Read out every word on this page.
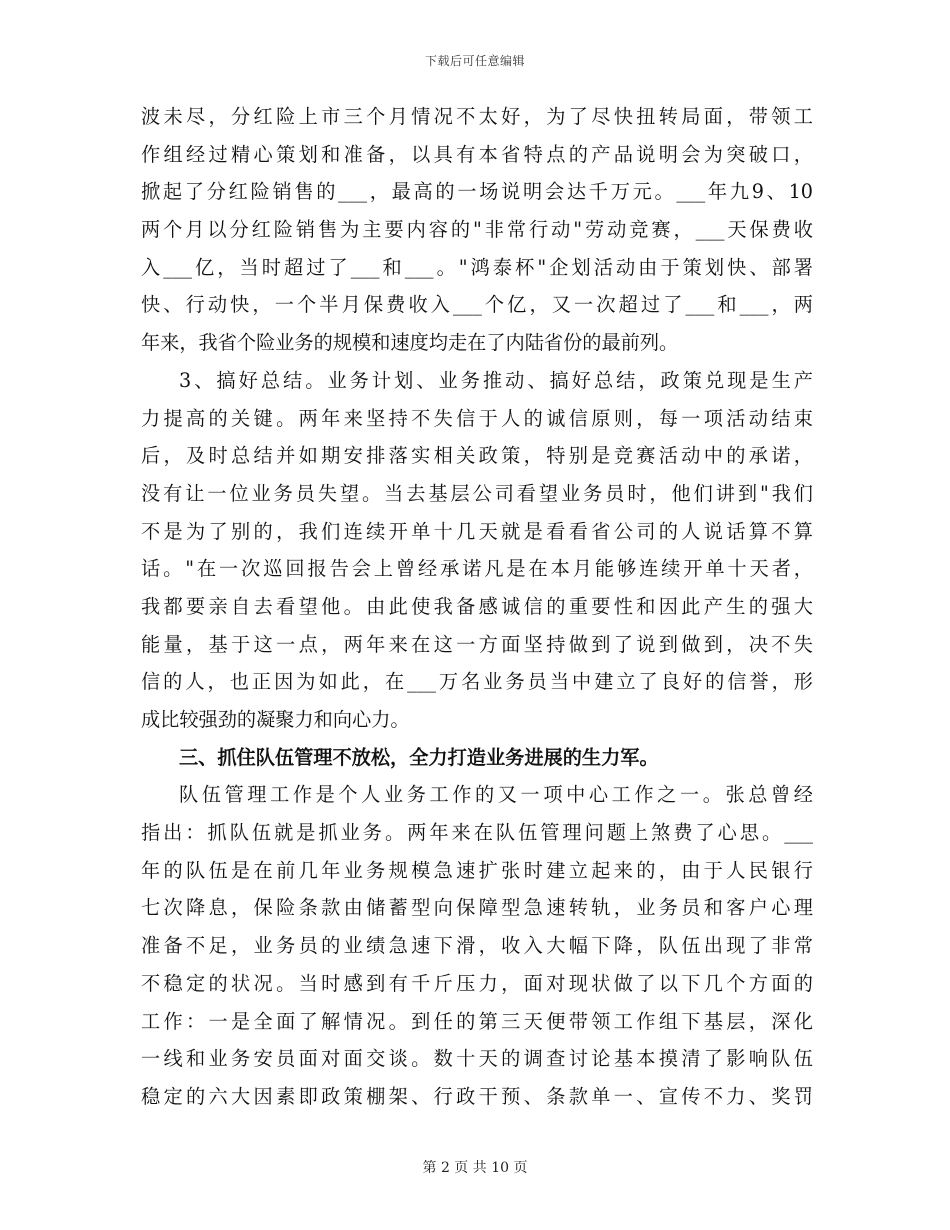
下载后可任意编辑
波未尽，分红险上市三个月情况不太好，为了尽快扭转局面，带领工
作组经过精心策划和准备，以具有本省特点的产品说明会为突破口，
掀起了分红险销售的___，最高的一场说明会达千万元。___年九9、10
两个月以分红险销售为主要内容的"非常行动"劳动竞赛，___天保费收
入___亿，当时超过了___和___。"鸿泰杯"企划活动由于策划快、部署
快、行动快，一个半月保费收入___个亿，又一次超过了___和___，两
年来，我省个险业务的规模和速度均走在了内陆省份的最前列。
3、搞好总结。业务计划、业务推动、搞好总结，政策兑现是生产
力提高的关键。两年来坚持不失信于人的诚信原则，每一项活动结束
后，及时总结并如期安排落实相关政策，特别是竞赛活动中的承诺，
没有让一位业务员失望。当去基层公司看望业务员时，他们讲到"我们
不是为了别的，我们连续开单十几天就是看看省公司的人说话算不算
话。"在一次巡回报告会上曾经承诺凡是在本月能够连续开单十天者，
我都要亲自去看望他。由此使我备感诚信的重要性和因此产生的强大
能量，基于这一点，两年来在这一方面坚持做到了说到做到，决不失
信的人，也正因为如此，在___万名业务员当中建立了良好的信誉，形
成比较强劲的凝聚力和向心力。
三、抓住队伍管理不放松，全力打造业务进展的生力军。
队伍管理工作是个人业务工作的又一项中心工作之一。张总曾经
指出：抓队伍就是抓业务。两年来在队伍管理问题上煞费了心思。___
年的队伍是在前几年业务规模急速扩张时建立起来的，由于人民银行
七次降息，保险条款由储蓄型向保障型急速转轨，业务员和客户心理
准备不足，业务员的业绩急速下滑，收入大幅下降，队伍出现了非常
不稳定的状况。当时感到有千斤压力，面对现状做了以下几个方面的
工作：一是全面了解情况。到任的第三天便带领工作组下基层，深化
一线和业务安员面对面交谈。数十天的调查讨论基本摸清了影响队伍
稳定的六大因素即政策棚架、行政干预、条款单一、宣传不力、奖罚
第 2 页 共 10 页
